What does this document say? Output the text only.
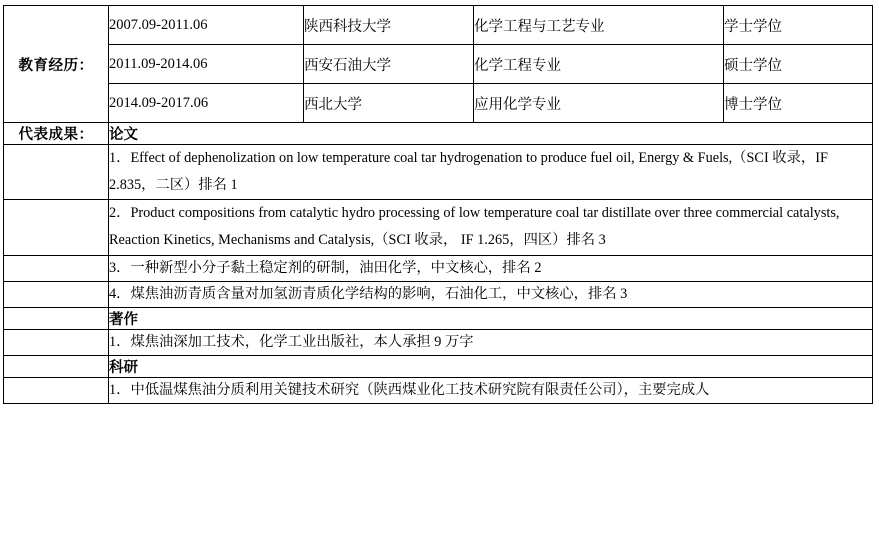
教育经历：	2007.09-2011.06	陕西科技大学	化学工程与工艺专业	学士学位
	2011.09-2014.06	西安石油大学	化学工程专业	硕士学位
	2014.09-2017.06	西北大学	应用化学专业	博士学位
代表成果：	论文			
	1．Effect of dephenolization on low temperature coal tar hydrogenation to produce fuel oil, Energy & Fuels,（SCI 收录，IF 2.835，二区）排名 1			
	2．Product compositions from catalytic hydro processing of low temperature coal tar distillate over three commercial catalysts, Reaction Kinetics, Mechanisms and Catalysis,（SCI 收录， IF 1.265，四区）排名 3			
	3．一种新型小分子黏土稳定剂的研制，油田化学，中文核心，排名 2			
	4．煤焦油沥青质含量对加氢沥青质化学结构的影响，石油化工，中文核心，排名 3			
	著作			
	1．煤焦油深加工技术，化学工业出版社，本人承担 9 万字			
	科研			
	1．中低温煤焦油分质利用关键技术研究（陕西煤业化工技术研究院有限责任公司），主要完成人			
